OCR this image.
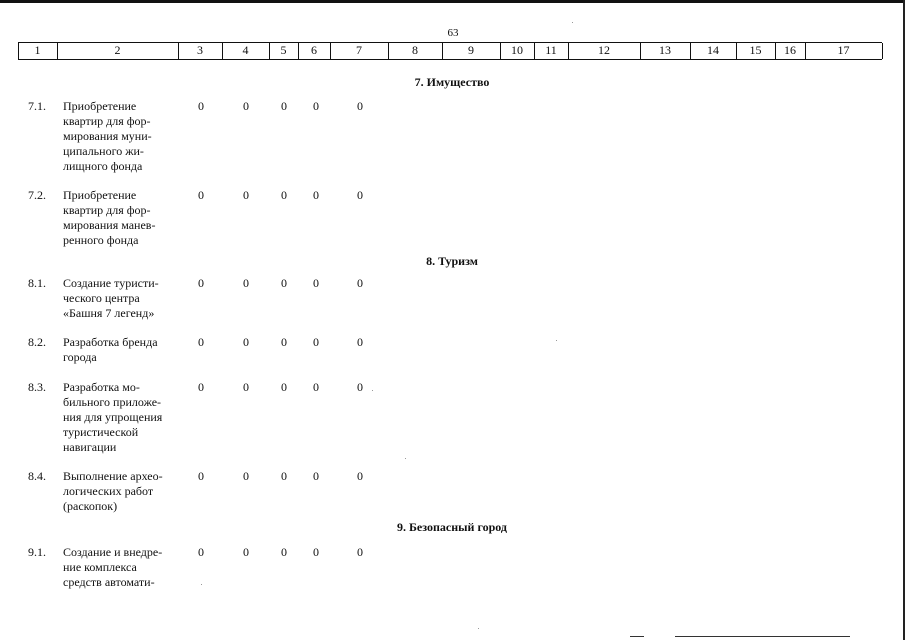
63
1	2	3	4	5	6	7	8	9	10	11	12	13	14	15	16	17
7. Имущество
7.1. Приобретение
квартир для фор-
мирования муни-
ципального жи-
лищного фонда
0	0	0 0	0
7.2. Приобретение
квартир для фор-
мирования манев-
ренного фонда
0	0	0 0	0
8. Туризм
8.1. Создание туристи-
ческого центра
«Башня 7 легенд»
0	0	0 0	0
8.2. Разработка бренда
города
0	0	0 0	0
8.3. Разработка мо-
бильного приложе-
ния для упрощения
туристической
навигации
0	0	0 0	0
8.4. Выполнение архео-
логических работ
(раскопок)
0	0	0 0	0
9. Безопасный город
9.1. Создание и внедре-
ние комплекса
средств автомати-
0	0	0 0	0
